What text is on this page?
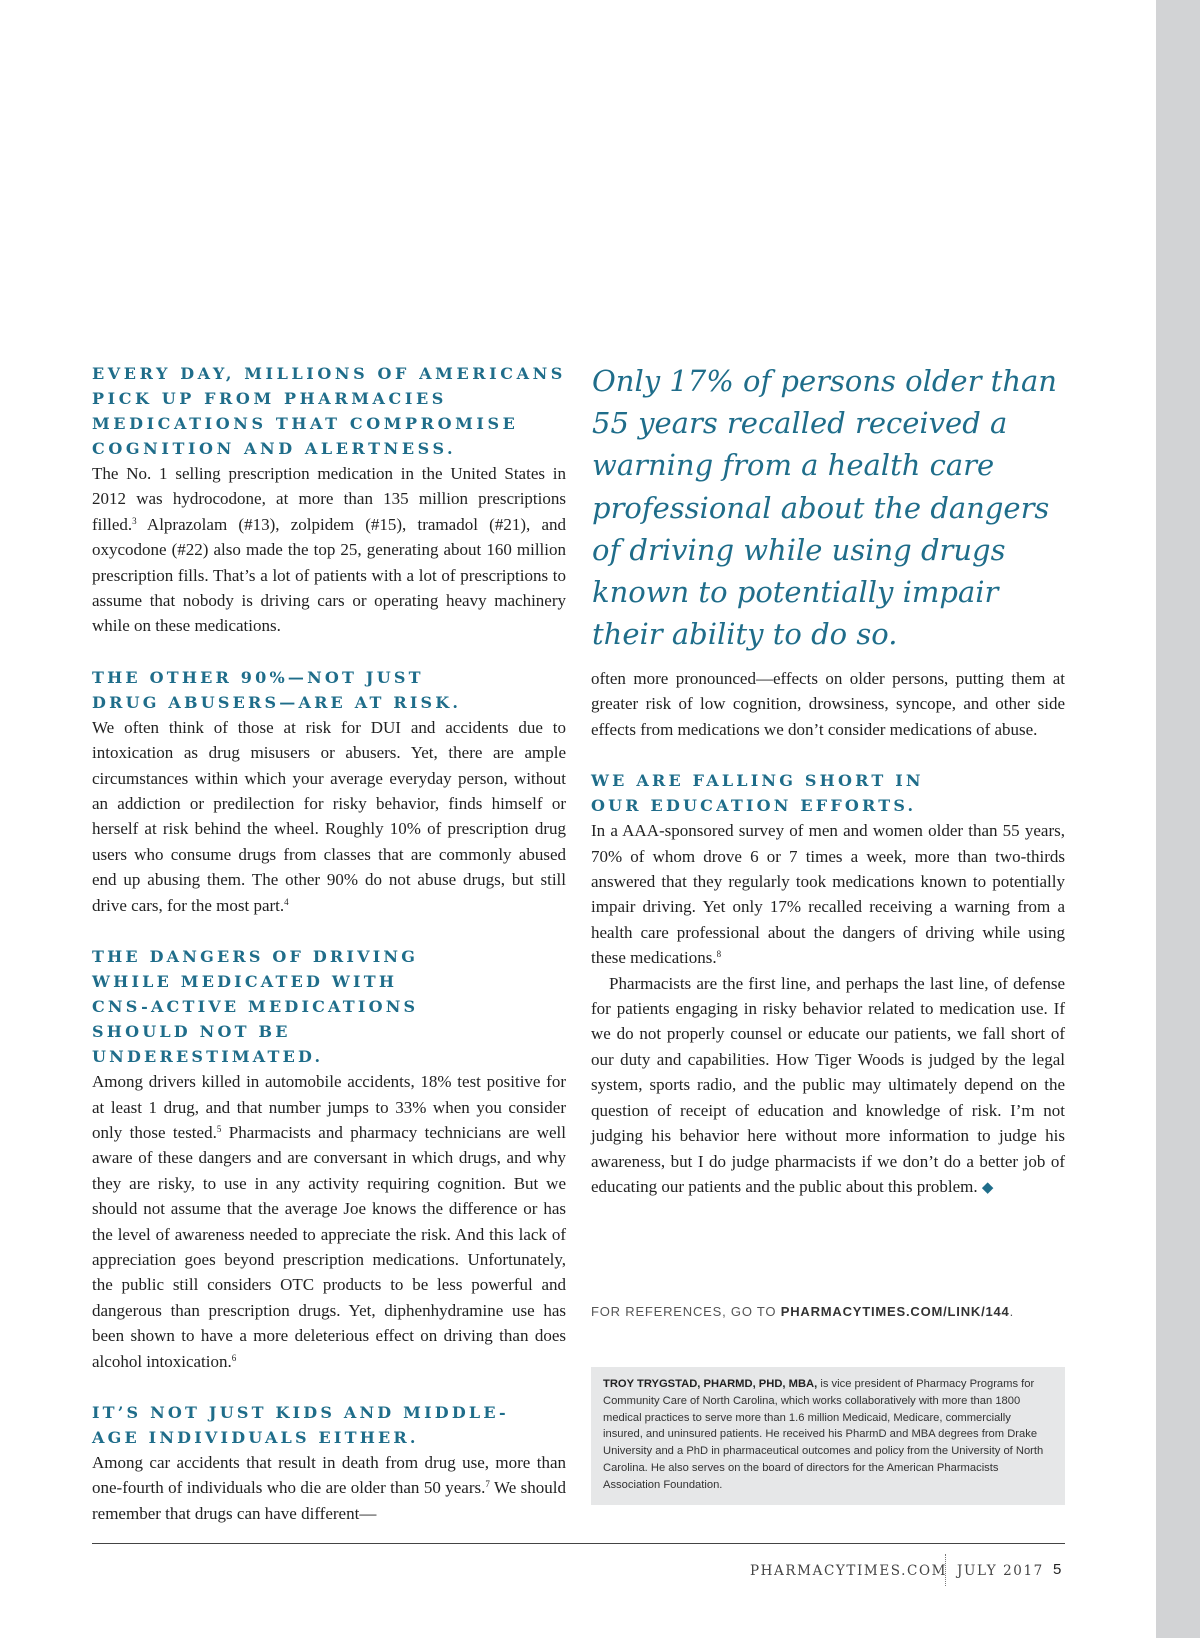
Only 17% of persons older than 55 years recalled received a warning from a health care professional about the dangers of driving while using drugs known to potentially impair their ability to do so.

EVERY DAY, MILLIONS OF AMERICANS PICK UP FROM PHARMACIES MEDICATIONS THAT COMPROMISE COGNITION AND ALERTNESS.

The No. 1 selling prescription medication in the United States in 2012 was hydrocodone, at more than 135 million prescriptions filled.$^3$ Alprazolam (#13), zolpidem (#15), tramadol (#21), and oxycodone (#22) also made the top 25, generating about 160 million prescription fills. That’s a lot of patients with a lot of prescriptions to assume that nobody is driving cars or operating heavy machinery while on these medications.

THE OTHER 90%—NOT JUST DRUG ABUSERS—ARE AT RISK.

We often think of those at risk for DUI and accidents due to intoxication as drug misusers or abusers. Yet, there are ample circumstances within which your average everyday person, without an addiction or predilection for risky behavior, finds himself or herself at risk behind the wheel. Roughly 10% of prescription drug users who consume drugs from classes that are commonly abused end up abusing them. The other 90% do not abuse drugs, but still drive cars, for the most part.$^4$

THE DANGERS OF DRIVING WHILE MEDICATED WITH CNS-ACTIVE MEDICATIONS SHOULD NOT BE UNDERESTIMATED.

Among drivers killed in automobile accidents, 18% test positive for at least 1 drug, and that number jumps to 33% when you consider only those tested.$^5$ Pharmacists and pharmacy technicians are well aware of these dangers and are conversant in which drugs, and why they are risky, to use in any activity requiring cognition. But we should not assume that the average Joe knows the difference or has the level of awareness needed to appreciate the risk. And this lack of appreciation goes beyond prescription medications. Unfortunately, the public still considers OTC products to be less powerful and dangerous than prescription drugs. Yet, diphenhydramine use has been shown to have a more deleterious effect on driving than does alcohol intoxication.$^6$

IT’S NOT JUST KIDS AND MIDDLE-AGE INDIVIDUALS EITHER.

Among car accidents that result in death from drug use, more than one-fourth of individuals who die are older than 50 years.$^7$ We should remember that drugs can have different—

often more pronounced—effects on older persons, putting them at greater risk of low cognition, drowsiness, syncope, and other side effects from medications we don’t consider medications of abuse.

WE ARE FALLING SHORT IN OUR EDUCATION EFFORTS.

In a AAA-sponsored survey of men and women older than 55 years, 70% of whom drove 6 or 7 times a week, more than two-thirds answered that they regularly took medications known to potentially impair driving. Yet only 17% recalled receiving a warning from a health care professional about the dangers of driving while using these medications.$^8$

Pharmacists are the first line, and perhaps the last line, of defense for patients engaging in risky behavior related to medication use. If we do not properly counsel or educate our patients, we fall short of our duty and capabilities. How Tiger Woods is judged by the legal system, sports radio, and the public may ultimately depend on the question of receipt of education and knowledge of risk. I’m not judging his behavior here without more information to judge his awareness, but I do judge pharmacists if we don’t do a better job of educating our patients and the public about this problem. ◆

FOR REFERENCES, GO TO PHARMACYTIMES.COM/LINK/144.
TROY TRYGSTAD, PHARMD, PHD, MBA, is vice president of Pharmacy Programs for Community Care of North Carolina, which works collaboratively with more than 1800 medical practices to serve more than 1.6 million Medicaid, Medicare, commercially insured, and uninsured patients. He received his PharmD and MBA degrees from Drake University and a PhD in pharmaceutical outcomes and policy from the University of North Carolina. He also serves on the board of directors for the American Pharmacists Association Foundation.
PHARMACYTIMES.COM JULY 2017 5
